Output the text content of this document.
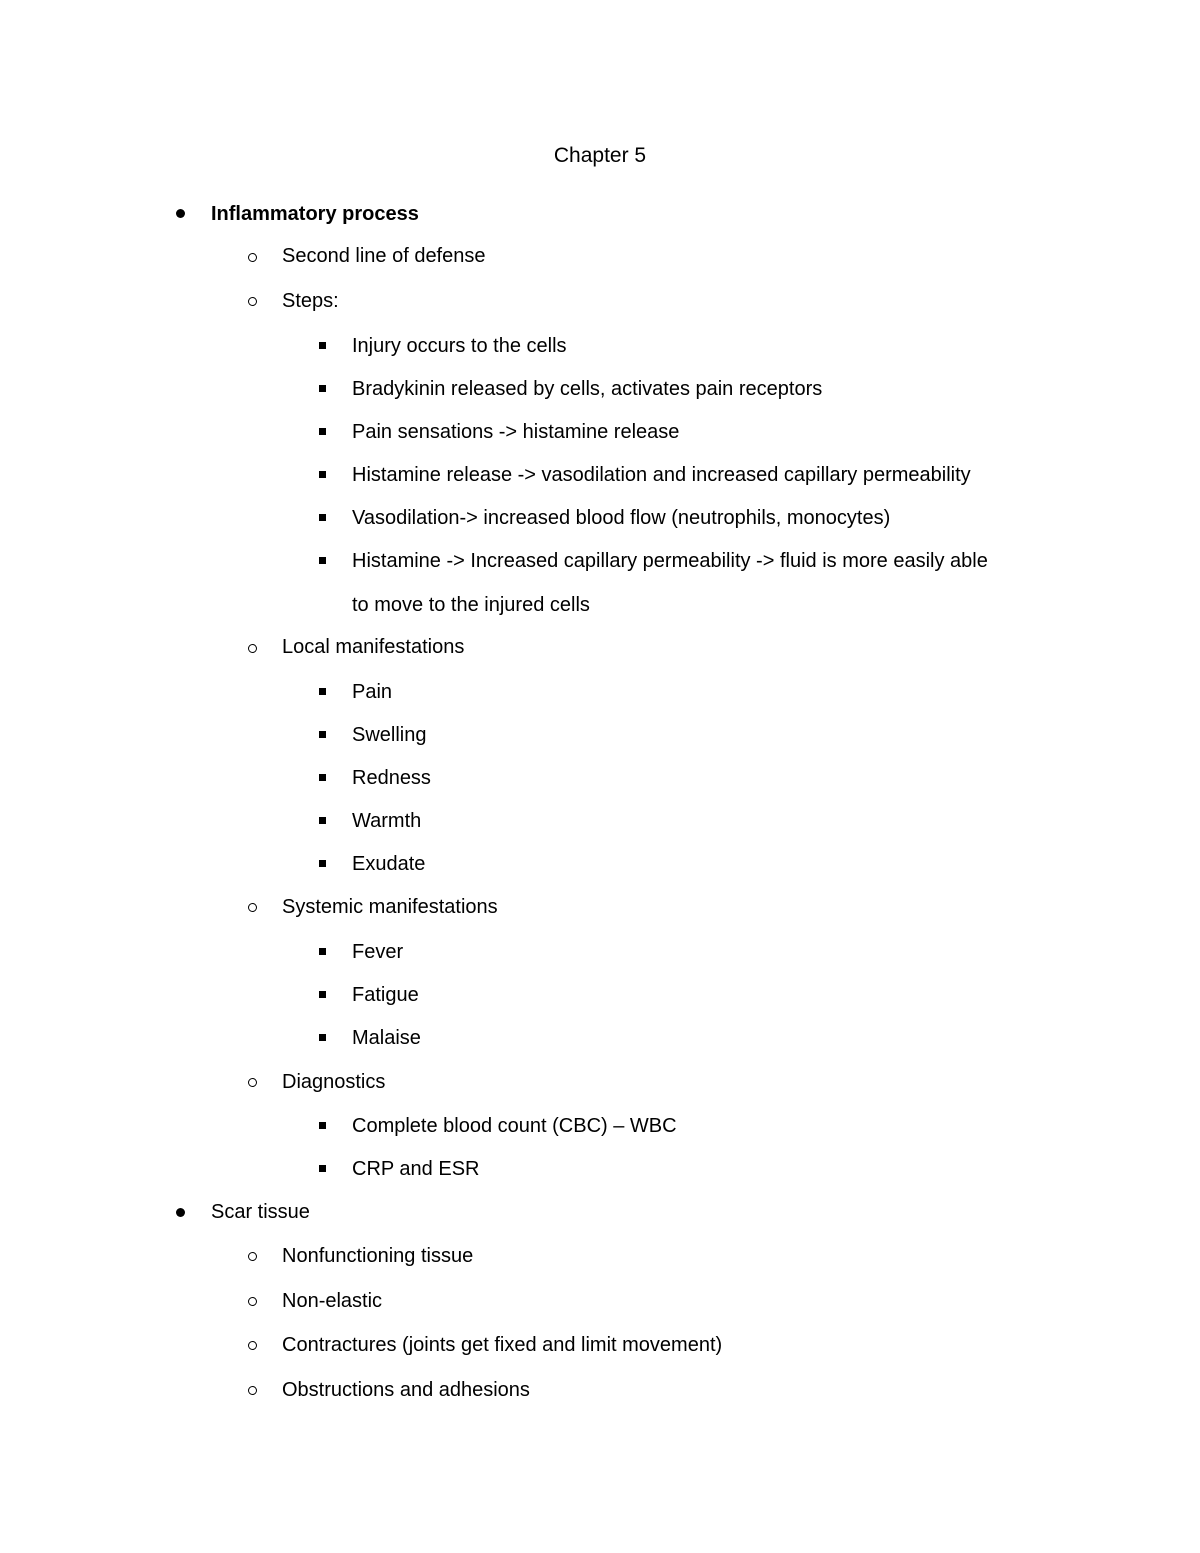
Chapter 5
Inflammatory process
Second line of defense
Steps:
Injury occurs to the cells
Bradykinin released by cells, activates pain receptors
Pain sensations -> histamine release
Histamine release -> vasodilation and increased capillary permeability
Vasodilation-> increased blood flow (neutrophils, monocytes)
Histamine -> Increased capillary permeability -> fluid is more easily able
to move to the injured cells
Local manifestations
Pain
Swelling
Redness
Warmth
Exudate
Systemic manifestations
Fever
Fatigue
Malaise
Diagnostics
Complete blood count (CBC) – WBC
CRP and ESR
Scar tissue
Nonfunctioning tissue
Non-elastic
Contractures (joints get fixed and limit movement)
Obstructions and adhesions
